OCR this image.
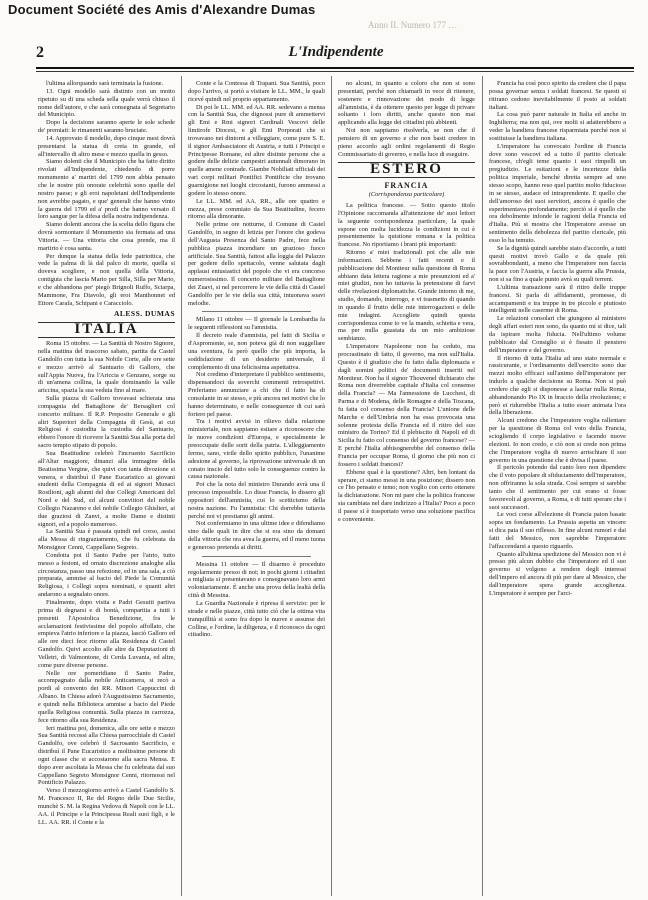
Document Société des Amis d'Alexandre Dumas
Anno II. Numero 177 …
2	L'Indipendente

l'ultima allorquando sarà terminata la fusione.

13. Ogni modello sarà distinto con un motto ripetuto su di una scheda sella quale verrà chiuso il nome dell'autore, e che sarà consegnata al Segretario del Municipio.

Dopo la decisione saranno aperte le sole schede de' premiati: le rimanenti saranno bruciate.

14. Approvato il modello, dopo cinque mesi dovrà presentarsi la statua di creta in grande, ed all'intervallo di altro mese e mezzo quella in gesso.

Siamo dolenti che il Municipio che ha fatto diritto rivolati all'Indipendente, chiedendo di porre monumento a' martiri del 1799 non abbia pensato che le nostre più onorate celebrità sono quelle del nostro paese; e gli eroi napoletani dell'Indipendente non avrebbe pagato, e que' generali che hanno vinto la guerra del 1799 ed a' prodi che hanno versato il loro sangue per la difesa della nostra indipendenza.

Siamo dolenti ancora che la scelta dello figura che dovrà sormontare il Monumento sia fermata ad una Vittoria. — Una vittoria che cosa prende, ma il martirio è cosa santa.

Per dunque la statua della fede patriottica, che vede la palma di là dal palco di morte, quella si doveva scegliere, e non quella della Vittoria, contiguta che lascia Mario per Silla, Silla per Mario, e che abbandona per' piegò Brignoli Ruffo, Sciarpa, Mammone, Fra Diavolo, gli eroi Manthonnet ed Ettore Carafa, Schipani e Caracciolo.

ALESS. DUMAS
ITALIA

Roma 15 ottobre. — La Santità di Nostro Signore, nella mattina del trascorso sabato, partita da Castel Gandolfo con tutta la sua Nobile Corte, alle ore sette e mezzo arrivò al Santuario di Galloro, che sull'Appia Nuova, fra l'Ariccia e Genzano, sorge su di un'amena collina, la quale dominando la valle ariccina, spazia la sua veduta fino al mare.

Sulla piazza di Galloro trovavasi schierata una compagnia del Battaglione de' Bersaglieri col concerto militare. Il R.P. Preposito Generale e gli altri Superiori della Compagnia di Gesù, ai cui Religiosi è custodita la custodia del Santuario, ebbero l'onore di ricevere la Santità Sua alla porta del sacro tempio stipato di popolo.

Sua Beatitudine celebrò l'incruento Sacrificio all'Altar maggiore, dinanzi alla immagine della Beatissima Vergine, che quivi con tanta divozione si venera, e distribuì il Pane Eucaristico ai giovani studenti della Compagnia di ed ai signori Munaci Rosilioni, agli alunni del due Collegi Americani del Nord e del Sud, ed alcuni convittori del nobile Collegio Nazareno e del nobile Collegio Ghislieri, ai due graziosi di Zanvi, a molte Dame e distinti signori, ed a popolo numeroso.

La Santità Sua è passata quindi nel corso, assisi alla Messa di ringraziamento, che fu celebrata da Monsignor Cenni, Cappellano Segreto.

Condotta poi il Santo Padre per l'atrio, tutto messo a festoni, ed ornato discrezione analoghe alla circostanza, passo una refezione, ed in una sala, a ciò preparata, ammise al bacio del Piede la Comunità Religiosa, i Collegi sopra nominati, e quanti altri andarono a segnalato onore.

Finalmente, dopo visita e Padri Gesuiti partiva prima di degnarsi e di bontà, compartita a tutti i presenti l'Apostolica Benedizione, fra le acclamazioni festivissime del popolo affollato, che empieva l'atrio inferiore e la piazza, lasciò Galloro ed alle ore dieci fece ritorno alla Residenza di Castel Gandolfo. Quivi accolto alle altre da Deputazioni di Velletri, di Valmontone, di Cerda Luvania, ed altre, come pure diverse persone.

Nelle ore pomeridiane il Santo Padre, accompagnato dalla nobile Anticamera, si recò a pordi al convento dei RR. Minori Cappuccini di Albano. In Chiesa adorò l'Augustissimo Sacramento, e quindi nella Biblioteca ammise a bacio del Piede quella Religiosa comunità. Sulla piazza in carrozza, fece ritorno alla sua Residenza.

Ieri mattina poi, domenica, alle ore sette e mezzo Sua Santità recossi alla Chiesa parrocchiale di Castel Gandolfo, ove celebrò il Sacrosanto Sacrificio, e distribuì il Pane Eucaristico a moltissime persone di ogni classe che si accostarono alla sacra Mensa. E dopo aver ascoltata la Messa che fu celebrata dal suo Cappellano Segreto Monsignor Cenni, ritornossi nel Pontificio Palazzo.

Verso il mezzogiorno arrivò a Castel Gandolfo S. M. Francesco II, Re del Regno delle Due Sicilie, munchè S. M. la Regina Vedova di Napoli con le LL. AA. il Principe e la Principessa Reali suoi figli, e le LL. AA. RR. il Conte e la

Conte e la Contessa di Trapani. Sua Santità, poco dopo l'arrivo, si portò a visitare le LL. MM., le quali ricevé quindi nel proprio appartamento.

Di poi le LL. MM. ed AA. RR. sedevano a mensa con la Santità Sua, che dignossi pure di ammettervi gli Emi e Rmi signori Cardinali Vescovi delle limitrofe Diocesi, e gli Emi Porporati che si trovavano nei dintorni a villeggiare, come pure S. E. il signor Ambasciatore di Austria, e tutti i Principi e Principesse Romane, ed altre distinte persone che a godere delle delizie campestri autunnali dimorano in quelle amene contrade. Giambe Nobiliati ufficiali dei vari corpi militari Pontifici Pontificie che trovano guarnigione nei luoghi circostanti, furono ammessi a godere lo stesso onore.

Le LL. MM. ed AA. RR., alle ore quattro e mezza, prese commiato da Sua Beatitudine, fecero ritorno alla dimorante.

Nelle prime ore notturne, il Comune di Castel Gandolfo, in segno di letizia per l'onore che godeva dell'Augusta Presenza del Santo Padre, fece nella pubblica piazza incendiare un grazioso fuoco artificiale. Sua Santità, fattosi alla loggia del Palazzo per godere dello spettacolo, venne salutata dagli applausi entusiastici del popolo che vi era concorso numerosissimo. Il concerto militare del Battaglione dei Zuavi, si nel percorrere le vie della città di Castel Gandolfo per le vie della sua città, intuonava soavi melodie.

Milano 11 ottobre — Il giornale la Lombardia fa le seguenti riflessioni su l'amnistia.

Il decreto reale d'amnistia, pel fatti di Sicilia e d'Aspromonte, se, non poteva già di non suggellare una sventura, fa però quello che più importa, la soddisfazione di un desiderio universale, il complemento di una felicissima aspettativa.

Noi credimo d'interpretare il pubblico sentimento, dispensandoci da soverchi commenti retrospettivi. Preferiamo annunziare a chi che il fatto ha di consolante in se stesso, e più ancora nei motivi che lo hanno determinato, e nelle conseguenze di cui sarà foriero pel paese.

Tra i motivi avvisi in rilievo dalla relazione ministeriale, non sappiamo esitare a riconoscere che le nuove condizioni d'Europa, e specialmente le preoccupate delle sorti della patria. L'alleggiamento fermo, sano, virile dello spirito pubblico, l'unanime adesione al governo, la riprovazione universale di un conato inscio del tutto solo le conseguenze contro la causa nazionale.

Poi che la nota del ministro Durando avrà una il precesso impossibile. Lo disse Francia, lo dissero gli oppositori dell'amnistia, cui lo scetticismo della nostra nazione. Fu l'amnistia: Chi dorrebbe tuttavia perché noi vi prestiamo gli animi.

Noi confermiamo in una ultime idee e difendiamo sino dalle quali in dire che si era sino da domani della vittoria che ora avea la guerra, ed il meno tuona e generoso pretenda ai diritti.

Messina 11 ottobre — Il disarmo è proceduto regolarmente presso di noi; in pochi giorni i cittadini a migliaia si presentavano e consegnavano loro armi volontariamente. È anche una prova della lealtà della città di Messina.

La Guardia Nazionale è ripresa il servizio: per le strade e nelle piazze, città tutto ciò che la ottima vita tranquillità si sono fra dopo le nuove e assunse dei Colline, e l'ordine, la diligenza, e il riconosco da ogni cittadino.

no alcuni, in quanto a coloro che non si sono presentati, perché non chiamarli in vece di ritenere, sostenere e rinnovazione dei modo di legge all'amnistia, è da ottenere questo per legge di privare soltanto i loro diritti, anche questo non mai applicando alla legge dei cittadini più abbienti.

Noi non sappiamo risolverla, se non che il pensiero di un governo e che non basti credere in pieno accordo agli ordini regolamenti di Regio Commissariato di governo, e nella luce di eseguire.

ESTERO
FRANCIA
(Corrispondenza particolare)

La politica francese. — Sotto questo titolo l'Opinione raccomanda all'attenzione de' suoi lettori la seguente corrispondenza particolare, la quale espone con molta lucidezza le condizioni in cui è presentemente la quistione romana e la politica francese. No riportiamo i brani più importanti:

Ritorno a' miei tradizionali poi che alle mie informazioni. Sebbene i fatti recenti e il pubblicazione del Moniteur sulla questione di Roma abbiano data lettera ragione a mie presunzioni ed a' miei giudizi, non ho tuttavia la pretensione di farvi delle rivelazioni diplomatiche. Grande intorno di me, studio, domando, interrogo, e vi trasmetto di quando in quando il frutto delle mie interrogazioni e delle mie indagini. Accogliete quindi questa corrispondenza come io ve la mando, schietta e vera, ma per nulla guastata da un mio ambiziose sembianze.

L'imperatore Napoleone non ha ceduto, ma procrastinato di fatto, il governo, ma non sull'Italia. Questo è il giudizio che fu fatto dalla diplomazia e dagli uomini politici de' documenti inseriti nel Moniteur. Non ha il signor Thouvenel dichiarato che Roma non diverrebbe capitale d'Italia col consenso della Francia? — Ma l'annessione de Lucchesi, di Parma e di Modena, delle Romagne e della Toscana, fu fatta col consenso della Francia? L'unione delle Marche e dell'Umbria non ha essa provocata una solenne protesta della Francia ed il ritiro del suo ministro da Torino? Ed il plebiscito di Napoli ed di Sicilia fu fatto col consenso del governo francese? — E perché l'Italia abbisognerebbe del consenso della Francia per occupar Roma, il giorno che più non ci fossero i soldati francesi?

Ebbene qual è la questione? Altri, ben lontani da sperare, ci siamo messi in una posizione; dissero non ce l'ho pensato e temo; non voglio con certo ottenere la dichiarazione. Non mi pare che la politica francese sia cambiata nel dare indirizzo a l'Italia? Poco a poco il paese si è trasportato verso una soluzione pacifica e conveniente.

Francia ha così poco spirito da credere che il papa possa governar senza i soldati francesi. Se questi si ritirano cedono inevitabilmente il posto ai soldati italiani.

La cosa può parer naturale in Italia ed anche in Inghilterra; ma non qui, ove molti si adatterebbero a veder la bandiera francese risparmiata purché non si sostituisse la bandiera italiana.

L'imperatore ha convocato l'ordine di Francia dove sono vescovi ed a tutto il partito clericale francese, ch'egli teme quanto i suoi rimpelli un pregiudizio. Le esitazioni e le incertezze della politica imperiale, benché diretta sempre ad uno stesso scopo, hanno reso quel partito molto fiducioso in se stesso, audace ed intraprendente. E quello che dell'amoroso dei suoi servitori, ancora è quello che esperimentava profondamente; perciò si è quello che ora debolmente infonde le ragioni della Francia ed d'Italia. Più si mostra che l'Imperatore avesse un sentimento della debolezza del partito clericale, più esso lo ha temuto.

Se la dignità quindi sarebbe stato d'accordo, a tutti questi motivi trovò Gallo e da quale più sovrabbondanti, a meno che l'imperatore non faccia la pace con l'Austria, e faccia la guerra alla Prussia, non si sa fino a quale punto avrà su quali terreni.

L'ultima transazione sarà il ritiro delle truppe francesi. Si parla di affidamenti, promesse, di accampamenti e tra truppe in tre piccole e piuttosto intelligenti nelle caserme di Roma.

Le relazioni consolari che giungono al ministero degli affari esteri non sono, da quanto mi si dice, tali da ispirare molta fiducia. Nell'ultimo volume pubblicato dal Consiglio si è fissato il pensiero dell'imperatore e del governo.

Il ritorno di tutta l'Italia ad uno stato normale e rassicurante, e l'ordinamento dell'esercito sono due mezzi molto efficaci sull'animo dell'imperatore per indurlo a qualche decisione su Roma. Non si può credere che egli si disponesse a lasciar nulla Roma, abbandonando Pio IX in braccio della rivoluzione; e però ei ridurrebbe l'Italia a tutto esser animata l'ora della liberazione.

Alcuni credono che l'imperatore voglia rallentare per la questione di Roma col voto della Francia, sciogliendo il corpo legislativo e facendo nuove elezioni. Io non credo, e ciò non si crede non prima che l'imperatore voglia di nuovo arrischiare il suo governo in una questione che è divisa il paese.

Il pericolo potendo dal canto loro non dipendere che il voto popolare di sfiduciamento dell'imperatore, non offriranno la sola strada. Così sempre si sarebbe tanto che il sentimento per cui erano si fosse favorevoli al governo, a Roma, e di tutti sperare che i suoi successori.

Le voci corse all'elezione di Francia paion basate sopra un fondamento. La Prussia aspetta un vincere si dica paia il suo riflesso. In fine alcuni rumori e dai fatti del Messico, non saprebbe l'imperatore l'affaccendarsi a questo riguardo.

Quanto all'ultima spedizione del Messico non vi è presso più alcun dubbio che l'imperatore ed il suo governo si volgono a rendere degli interessi dell'impero ed ancora di più per dare al Messico, che dall'imperatore spera grande accoglienza. L'imperatore è sempre per l'arci-
